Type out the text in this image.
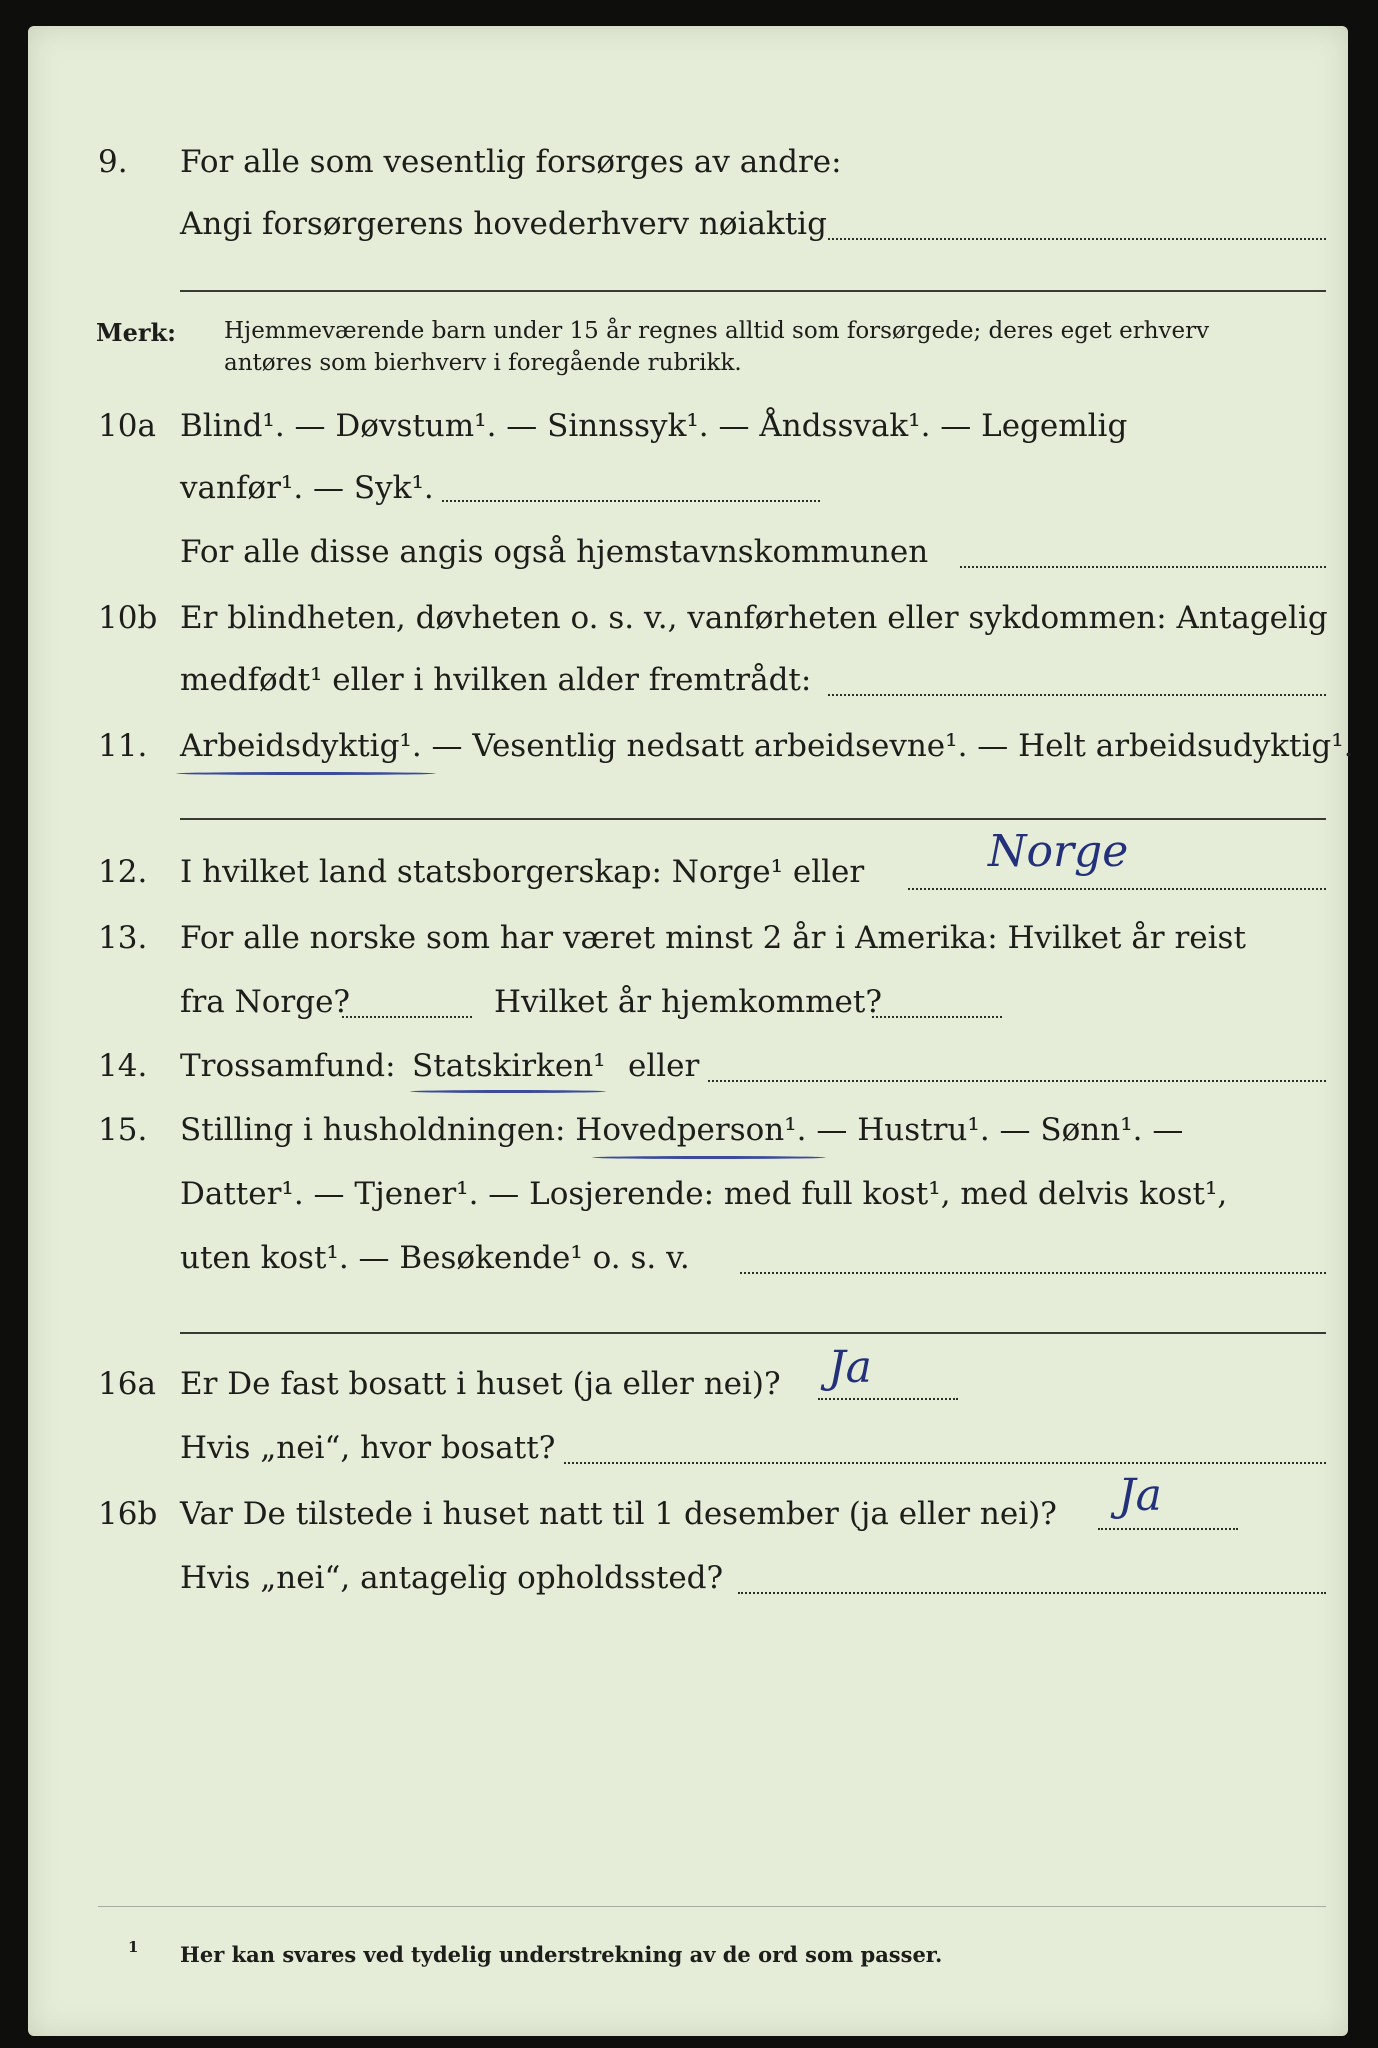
9. For alle som vesentlig forsørges av andre:
Angi forsørgerens hovederhverv nøiaktig
Merk: Hjemmeværende barn under 15 år regnes alltid som forsørgede; deres eget erhverv
antøres som bierhverv i foregående rubrikk.
10a Blind¹. — Døvstum¹. — Sinnssyk¹. — Åndssvak¹. — Legemlig
vanfør¹. — Syk¹.
For alle disse angis også hjemstavnskommunen
10b Er blindheten, døvheten o. s. v., vanførheten eller sykdommen: Antagelig
medfødt¹ eller i hvilken alder fremtrådt:
11. Arbeidsdyktig¹. — Vesentlig nedsatt arbeidsevne¹. — Helt arbeidsudyktig¹.
12. I hvilket land statsborgerskap: Norge¹ eller	Norge
13. For alle norske som har været minst 2 år i Amerika: Hvilket år reist
fra Norge?	Hvilket år hjemkommet?
14. Trossamfund: Statskirken¹ eller
15. Stilling i husholdningen: Hovedperson¹. — Hustru¹. — Sønn¹. —
Datter¹. — Tjener¹. — Losjerende: med full kost¹, med delvis kost¹,
uten kost¹. — Besøkende¹ o. s. v.
16a Er De fast bosatt i huset (ja eller nei)? Ja
Hvis „nei“, hvor bosatt?
16b Var De tilstede i huset natt til 1 desember (ja eller nei)? Ja
Hvis „nei“, antagelig opholdssted?
1 Her kan svares ved tydelig understrekning av de ord som passer.
